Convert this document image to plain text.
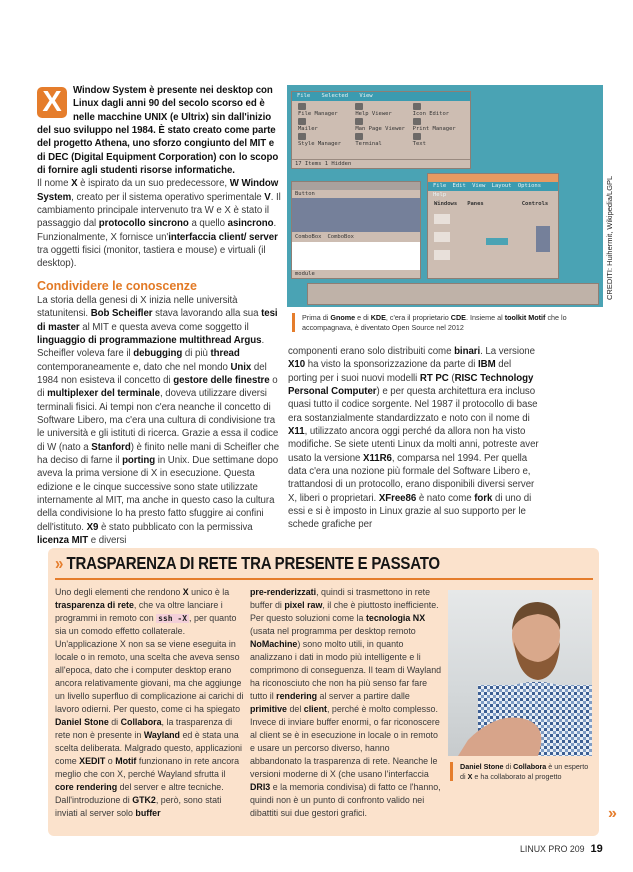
X	Window System è presente nei desktop con Linux dagli anni 90 del secolo scorso ed è nelle macchine UNIX (e Ultrix) sin dall'inizio del suo sviluppo nel 1984. È stato creato come parte del progetto Athena, uno sforzo congiunto del MIT e di DEC (Digital Equipment Corporation) con lo scopo di fornire agli studenti risorse informatiche.
Il nome X è ispirato da un suo predecessore, W Window System, creato per il sistema operativo sperimentale V. Il cambiamento principale intervenuto tra W e X è stato il passaggio dal protocollo sincrono a quello asincrono. Funzionalmente, X fornisce un'interfaccia client/ server tra oggetti fisici (monitor, tastiera e mouse) e virtuali (il desktop).
Condividere le conoscenze
La storia della genesi di X inizia nelle università statunitensi. Bob Scheifler stava lavorando alla sua tesi di master al MIT e questa aveva come soggetto il linguaggio di programmazione multithread Argus. Scheifler voleva fare il debugging di più thread contemporaneamente e, dato che nel mondo Unix del 1984 non esisteva il concetto di gestore delle finestre o di multiplexer del terminale, doveva utilizzare diversi terminali fisici. Ai tempi non c'era neanche il concetto di Software Libero, ma c'era una cultura di condivisione tra le università e gli istituti di ricerca. Grazie a essa il codice di W (nato a Stanford) è finito nelle mani di Scheifler che ha deciso di farne il porting in Unix. Due settimane dopo aveva la prima versione di X in esecuzione. Questa edizione e le cinque successive sono state utilizzate internamente al MIT, ma anche in questo caso la cultura della condivisione lo ha presto fatto sfuggire ai confini dell'istituto. X9 è stato pubblicato con la permissiva licenza MIT e diversi
File Selected View
File Manager	Help Viewer	Icon Editor
Mailer	Man Page Viewer	Print Manager
Style Manager	Terminal	Text
17 Items 1 Hidden
Button
ComboBox ComboBox
module
File Edit View Layout Options Help
Windows Panes	Controls	CREDITI: Huihermit, Wikipedia/LGPL
Prima di Gnome e di KDE, c'era il proprietario CDE. Insieme al toolkit Motif che lo accompagnava, è diventato Open Source nel 2012
componenti erano solo distribuiti come binari. La versione X10 ha visto la sponsorizzazione da parte di IBM del porting per i suoi nuovi modelli RT PC (RISC Technology Personal Computer) e per questa architettura era incluso quasi tutto il codice sorgente. Nel 1987 il protocollo di base era sostanzialmente standardizzato e noto con il nome di X11, utilizzato ancora oggi perché da allora non ha visto modifiche. Se siete utenti Linux da molti anni, potreste aver usato la versione X11R6, comparsa nel 1994. Per quella data c'era una nozione più formale del Software Libero e, trattandosi di un protocollo, erano disponibili diversi server X, liberi o proprietari. XFree86 è nato come fork di uno di essi e si è imposto in Linux grazie al suo supporto per le schede grafiche per
» TRASPARENZA DI RETE TRA PRESENTE E PASSATO
Uno degli elementi che rendono X unico è la trasparenza di rete, che va oltre lanciare i programmi in remoto con ssh -X , per quanto sia un comodo effetto collaterale. Un'applicazione X non sa se viene eseguita in locale o in remoto, una scelta che aveva senso all'epoca, dato che i computer desktop erano ancora relativamente giovani, ma che aggiunge un livello superfluo di complicazione ai carichi di lavoro odierni. Per questo, come ci ha spiegato Daniel Stone di Collabora, la trasparenza di rete non è presente in Wayland ed è stata una scelta deliberata. Malgrado questo, applicazioni come XEDIT o Motif funzionano in rete ancora meglio che con X, perché Wayland sfrutta il core rendering del server e altre tecniche. Dall'introduzione di GTK2, però, sono stati inviati al server solo buffer
pre-renderizzati, quindi si trasmettono in rete buffer di pixel raw, il che è piuttosto inefficiente. Per questo soluzioni come la tecnologia NX (usata nel programma per desktop remoto NoMachine) sono molto utili, in quanto analizzano i dati in modo più intelligente e li comprimono di conseguenza. Il team di Wayland ha riconosciuto che non ha più senso far fare tutto il rendering al server a partire dalle primitive del client, perché è molto complesso. Invece di inviare buffer enormi, o far riconoscere al client se è in esecuzione in locale o in remoto e usare un percorso diverso, hanno abbandonato la trasparenza di rete. Neanche le versioni moderne di X (che usano l'interfaccia DRI3 e la memoria condivisa) di fatto ce l'hanno, quindi non è un punto di confronto valido nei dibattiti sui due gestori grafici.
Daniel Stone di Collabora è un esperto di X e ha collaborato al progetto
»
LINUX PRO 209 19
